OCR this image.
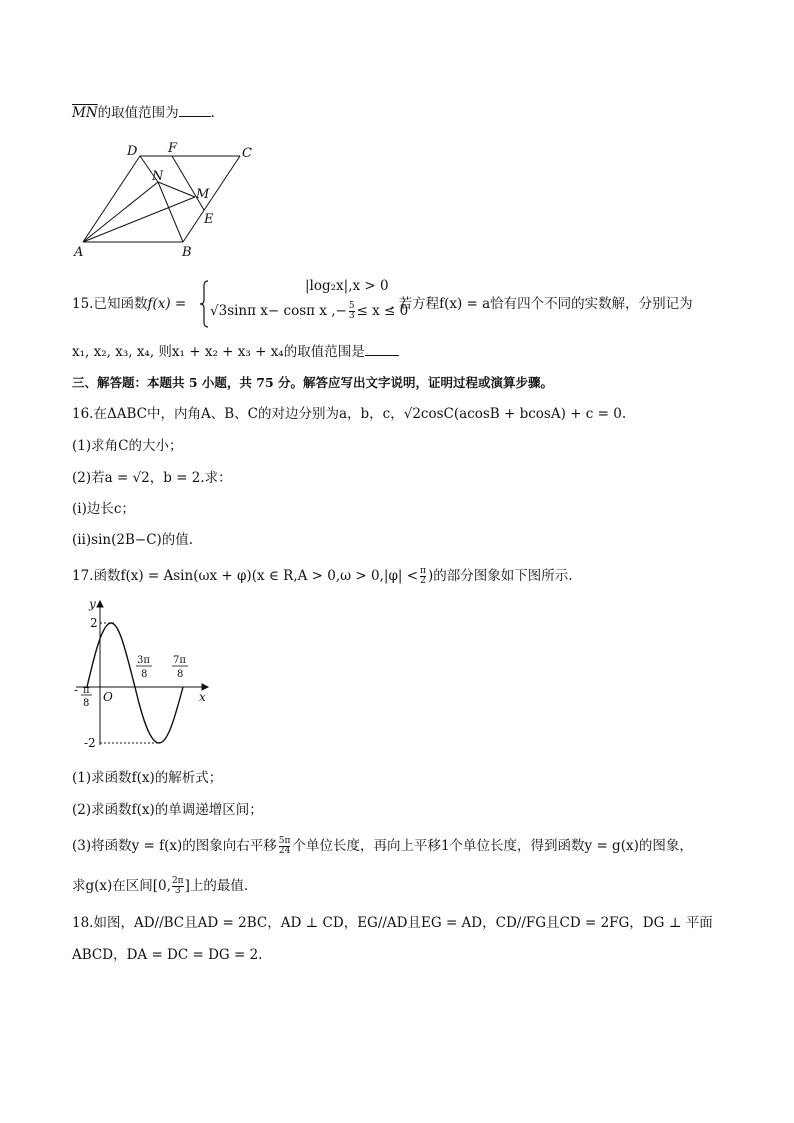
$\overline{MN}$的取值范围为 .
D F	C
N
M
E
A	B
15.已知函数f(x) =
|log₂x|,x > 0
√3sinπ x− cosπ x ,− $\frac{5}{3} \le x \le 0$
, 若方程f(x) = a恰有四个不同的实数解，分别记为
x₁, x₂, x₃, x₄, 则x₁ + x₂ + x₃ + x₄的取值范围是
三、解答题：本题共 5 小题，共 75 分。解答应写出文字说明，证明过程或演算步骤。
16.在ΔABC中，内角A、B、C的对边分别为a，b，c，√2cosC(acosB + bcosA) + c = 0.
(1)求角C的大小；
(2)若a = √2，b = 2.求：
(ⅰ)边长c；
(ⅱ)sin(2B−C)的值.
17.函数f(x) = Asin(ωx + φ)(x ∈ $R,A > 0,\omega > 0,|\varphi| < \frac{\pi}{2}$ )的部分图象如下图所示.
y
x
O
2
-2
- π
8
3π
8
7π
8
(1)求函数f(x)的解析式；
(2)求函数f(x)的单调递增区间；
(3)将函数y = f(x)的图象向右平移 $\frac{5\pi}{24}$ 个单位长度，再向上平移1个单位长度，得到函数y = g(x)的图象，
求g(x)在区间[0, $\frac{2\pi}{3}$ ]上的最值.
18.如图，AD//BC且AD = 2BC，AD ⊥ CD，EG//AD且EG = AD，CD//FG且CD = 2FG，DG ⊥ 平面
ABCD，DA = DC = DG = 2.
